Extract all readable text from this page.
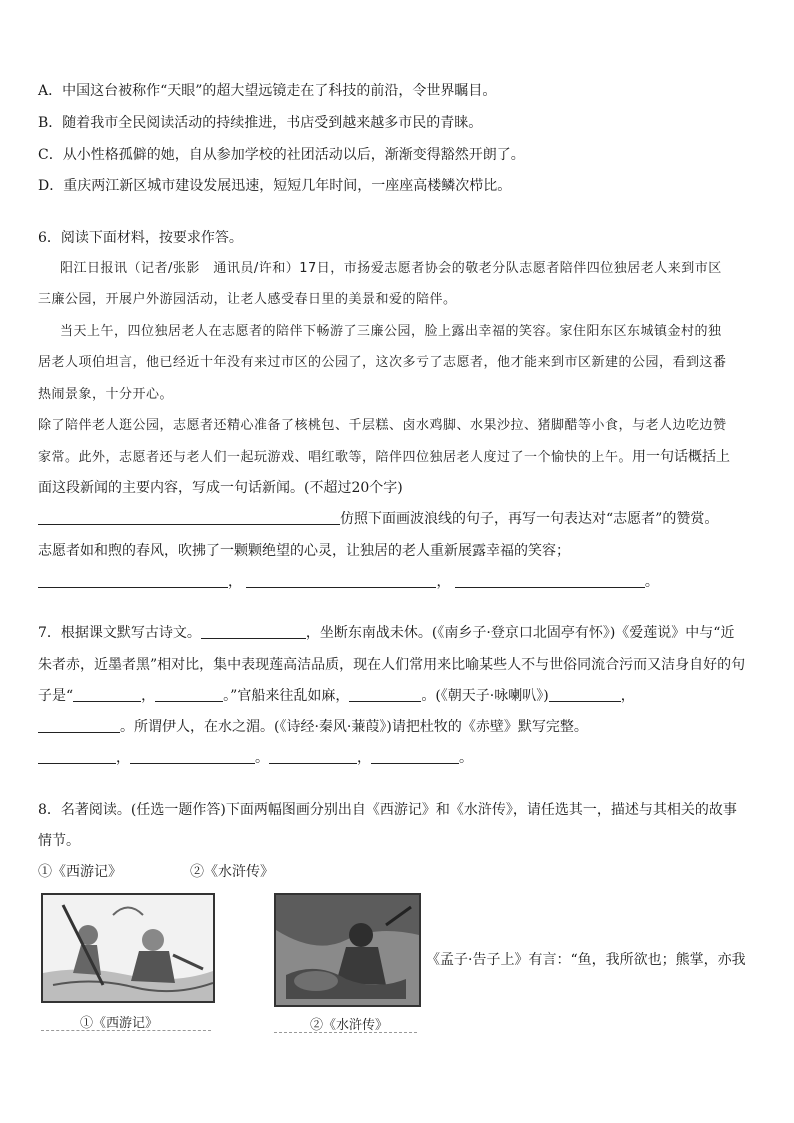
A．中国这台被称作“天眼”的超大望远镜走在了科技的前沿，令世界瞩目。
B．随着我市全民阅读活动的持续推进，书店受到越来越多市民的青睐。
C．从小性格孤僻的她，自从参加学校的社团活动以后，渐渐变得豁然开朗了。
D．重庆两江新区城市建设发展迅速，短短几年时间，一座座高楼鳞次栉比。
6．阅读下面材料，按要求作答。
阳江日报讯（记者/张影　通讯员/许和）17日，市扬爱志愿者协会的敬老分队志愿者陪伴四位独居老人来到市区
三廉公园，开展户外游园活动，让老人感受春日里的美景和爱的陪伴。
当天上午，四位独居老人在志愿者的陪伴下畅游了三廉公园，脸上露出幸福的笑容。家住阳东区东城镇金村的独
居老人项伯坦言，他已经近十年没有来过市区的公园了，这次多亏了志愿者，他才能来到市区新建的公园，看到这番
热闹景象，十分开心。
除了陪伴老人逛公园，志愿者还精心准备了核桃包、千层糕、卤水鸡脚、水果沙拉、猪脚醋等小食，与老人边吃边赞
家常。此外，志愿者还与老人们一起玩游戏、唱红歌等，陪伴四位独居老人度过了一个愉快的上午。用一句话概括上
面这段新闻的主要内容，写成一句话新闻。(不超过20个字)
仿照下面画波浪线的句子，再写一句表达对“志愿者”的赞赏。
志愿者如和煦的春风，吹拂了一颗颗绝望的心灵，让独居的老人重新展露幸福的笑容；
，	，	。
7．根据课文默写古诗文。	，坐断东南战未休。(《南乡子·登京口北固亭有怀》)《爱莲说》中与“近
朱者赤，近墨者黑”相对比，集中表现莲高洁品质，现在人们常用来比喻某些人不与世俗同流合污而又洁身自好的句
子是“	，	。”官船来往乱如麻，	。(《朝天子·咏喇叭》)	，
。所谓伊人，在水之湄。(《诗经·秦风·蒹葭》)请把杜牧的《赤壁》默写完整。
，	。	，	。
8．名著阅读。(任选一题作答)下面两幅图画分别出自《西游记》和《水浒传》，请任选其一，描述与其相关的故事
情节。
①《西游记》	②《水浒传》
①《西游记》	②《水浒传》
《孟子·告子上》有言：“鱼，我所欲也；熊掌，亦我
